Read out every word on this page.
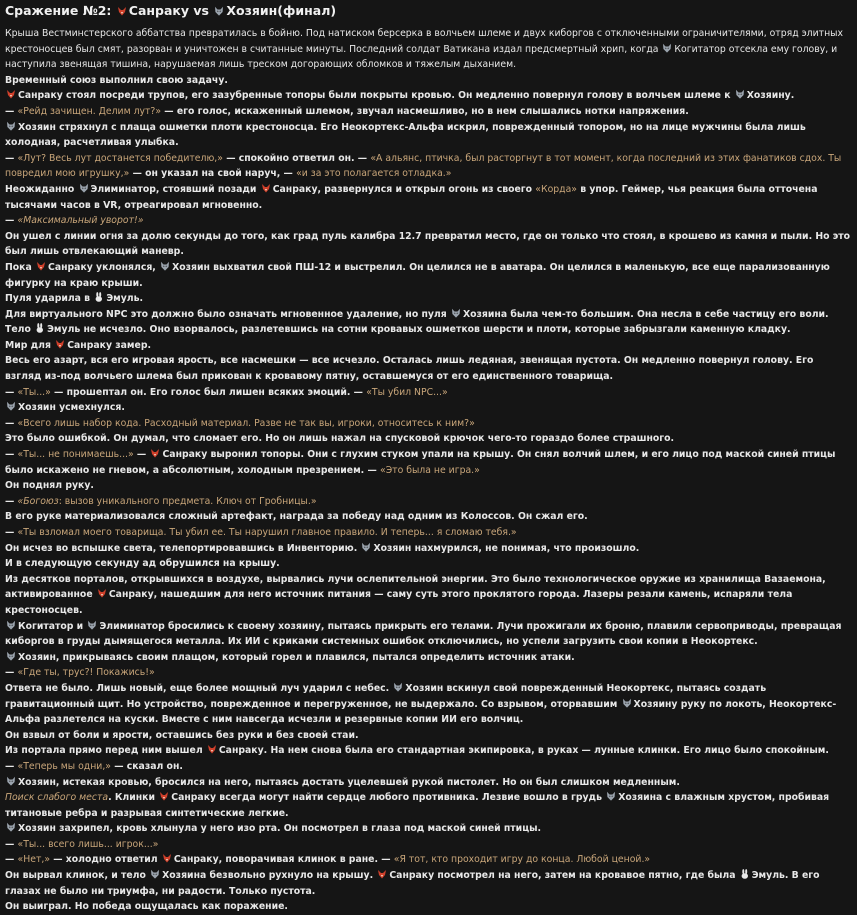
Сражение №2:
Санраку vs
Хозяин(финал)

Крыша Вестминстерского аббатства превратилась в бойню. Под натиском берсерка в волчьем шлеме и двух киборгов с отключенными ограничителями, отряд элитных крестоносцев был смят, разорван и уничтожен в считанные минуты. Последний солдат Ватикана издал предсмертный хрип, когда
Когитатор отсекла ему голову, и наступила звенящая тишина, нарушаемая лишь треском догорающих обломков и тяжелым дыханием.

Временный союз выполнил свою задачу.

Санраку стоял посреди трупов, его зазубренные топоры были покрыты кровью. Он медленно повернул голову в волчьем шлеме к
Хозяину.

— «Рейд зачищен. Делим лут?» — его голос, искаженный шлемом, звучал насмешливо, но в нем слышались нотки напряжения.

Хозяин стряхнул с плаща ошметки плоти крестоносца. Его Неокортекс-Альфа искрил, поврежденный топором, но на лице мужчины была лишь холодная, расчетливая улыбка.

— «Лут? Весь лут достанется победителю,» — спокойно ответил он. — «А альянс, птичка, был расторгнут в тот момент, когда последний из этих фанатиков сдох. Ты повредил мою игрушку,» — он указал на свой наруч, — «и за это полагается отладка.»

Неожиданно
Элиминатор, стоявший позади
Санраку, развернулся и открыл огонь из своего «Корда» в упор. Геймер, чья реакция была отточена тысячами часов в VR, отреагировал мгновенно.

— «Максимальный уворот!»

Он ушел с линии огня за долю секунды до того, как град пуль калибра 12.7 превратил место, где он только что стоял, в крошево из камня и пыли. Но это был лишь отвлекающий маневр.

Пока
Санраку уклонялся,
Хозяин выхватил свой ПШ-12 и выстрелил. Он целился не в аватара. Он целился в маленькую, все еще парализованную фигурку на краю крыши.

Пуля ударила в
Эмуль.

Для виртуального NPC это должно было означать мгновенное удаление, но пуля
Хозяина была чем-то большим. Она несла в себе частицу его воли. Тело
Эмуль не исчезло. Оно взорвалось, разлетевшись на сотни кровавых ошметков шерсти и плоти, которые забрызгали каменную кладку.

Мир для
Санраку замер.

Весь его азарт, вся его игровая ярость, все насмешки — все исчезло. Осталась лишь ледяная, звенящая пустота. Он медленно повернул голову. Его взгляд из-под волчьего шлема был прикован к кровавому пятну, оставшемуся от его единственного товарища.

— «Ты...» — прошептал он. Его голос был лишен всяких эмоций. — «Ты убил NPC...»

Хозяин усмехнулся.

— «Всего лишь набор кода. Расходный материал. Разве не так вы, игроки, относитесь к ним?»

Это было ошибкой. Он думал, что сломает его. Но он лишь нажал на спусковой крючок чего-то гораздо более страшного.

— «Ты... не понимаешь...» —
Санраку выронил топоры. Они с глухим стуком упали на крышу. Он снял волчий шлем, и его лицо под маской синей птицы было искажено не гневом, а абсолютным, холодным презрением. — «Это была не игра.»

Он поднял руку.

— «Богоюз: вызов уникального предмета. Ключ от Гробницы.»

В его руке материализовался сложный артефакт, награда за победу над одним из Колоссов. Он сжал его.

— «Ты взломал моего товарища. Ты убил ее. Ты нарушил главное правило. И теперь... я сломаю тебя.»

Он исчез во вспышке света, телепортировавшись в Инвенторию.
Хозяин нахмурился, не понимая, что произошло.

И в следующую секунду ад обрушился на крышу.

Из десятков порталов, открывшихся в воздухе, вырвались лучи ослепительной энергии. Это было технологическое оружие из хранилища Вазаемона, активированное
Санраку, нашедшим для него источник питания — саму суть этого проклятого города. Лазеры резали камень, испаряли тела крестоносцев.

Когитатор и
Элиминатор бросились к своему хозяину, пытаясь прикрыть его телами. Лучи прожигали их броню, плавили сервоприводы, превращая киборгов в груды дымящегося металла. Их ИИ с криками системных ошибок отключились, но успели загрузить свои копии в Неокортекс.

Хозяин, прикрываясь своим плащом, который горел и плавился, пытался определить источник атаки.

— «Где ты, трус?! Покажись!»

Ответа не было. Лишь новый, еще более мощный луч ударил с небес.
Хозяин вскинул свой поврежденный Неокортекс, пытаясь создать гравитационный щит. Но устройство, поврежденное и перегруженное, не выдержало. Со взрывом, оторвавшим
Хозяину руку по локоть, Неокортекс-Альфа разлетелся на куски. Вместе с ним навсегда исчезли и резервные копии ИИ его волчиц.

Он взвыл от боли и ярости, оставшись без руки и без своей стаи.

Из портала прямо перед ним вышел
Санраку. На нем снова была его стандартная экипировка, в руках — лунные клинки. Его лицо было спокойным.

— «Теперь мы одни,» — сказал он.

Хозяин, истекая кровью, бросился на него, пытаясь достать уцелевшей рукой пистолет. Но он был слишком медленным.

Поиск слабого места. Клинки
Санраку всегда могут найти сердце любого противника. Лезвие вошло в грудь
Хозяина с влажным хрустом, пробивая титановые ребра и разрывая синтетические легкие.

Хозяин захрипел, кровь хлынула у него изо рта. Он посмотрел в глаза под маской синей птицы.

— «Ты... всего лишь... игрок...»

— «Нет,» — холодно ответил
Санраку, поворачивая клинок в ране. — «Я тот, кто проходит игру до конца. Любой ценой.»

Он вырвал клинок, и тело
Хозяина безвольно рухнуло на крышу.
Санраку посмотрел на него, затем на кровавое пятно, где была
Эмуль. В его глазах не было ни триумфа, ни радости. Только пустота.

Он выиграл. Но победа ощущалась как поражение.
